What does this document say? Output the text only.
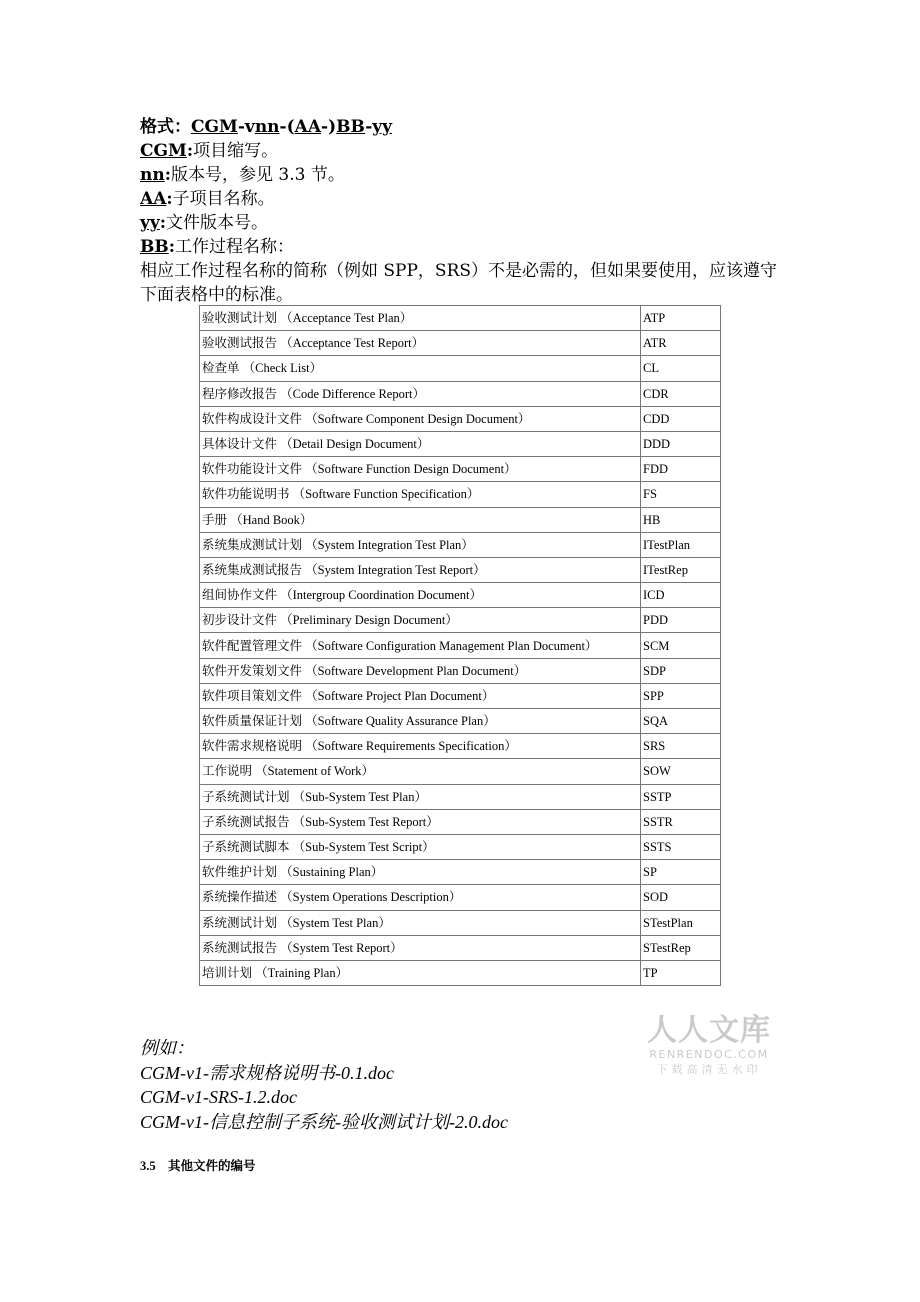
格式：CGM-vnn-(AA-)BB-yy
CGM:项目缩写。
nn:版本号，参见 3.3 节。
AA:子项目名称。
yy:文件版本号。
BB:工作过程名称：
相应工作过程名称的简称（例如 SPP，SRS）不是必需的，但如果要使用，应该遵守下面表格中的标准。
验收测试计划 （Acceptance Test Plan）	ATP
验收测试报告 （Acceptance Test Report）	ATR
检查单 （Check List）	CL
程序修改报告 （Code Difference Report）	CDR
软件构成设计文件 （Software Component Design Document）	CDD
具体设计文件 （Detail Design Document）	DDD
软件功能设计文件 （Software Function Design Document）	FDD
软件功能说明书 （Software Function Specification）	FS
手册 （Hand Book）	HB
系统集成测试计划 （System Integration Test Plan）	ITestPlan
系统集成测试报告 （System Integration Test Report）	ITestRep
组间协作文件 （Intergroup Coordination Document）	ICD
初步设计文件 （Preliminary Design Document）	PDD
软件配置管理文件 （Software Configuration Management Plan Document）	SCM
软件开发策划文件 （Software Development Plan Document）	SDP
软件项目策划文件 （Software Project Plan Document）	SPP
软件质量保证计划 （Software Quality Assurance Plan）	SQA
软件需求规格说明 （Software Requirements Specification）	SRS
工作说明 （Statement of Work）	SOW
子系统测试计划 （Sub-System Test Plan）	SSTP
子系统测试报告 （Sub-System Test Report）	SSTR
子系统测试脚本 （Sub-System Test Script）	SSTS
软件维护计划 （Sustaining Plan）	SP
系统操作描述 （System Operations Description）	SOD
系统测试计划 （System Test Plan）	STestPlan
系统测试报告 （System Test Report）	STestRep
培训计划 （Training Plan）	TP
例如：
CGM-v1-需求规格说明书-0.1.doc
CGM-v1-SRS-1.2.doc
CGM-v1-信息控制子系统-验收测试计划-2.0.doc
人人文库
RENRENDOC.COM
下载高清无水印
3.5 其他文件的编号
